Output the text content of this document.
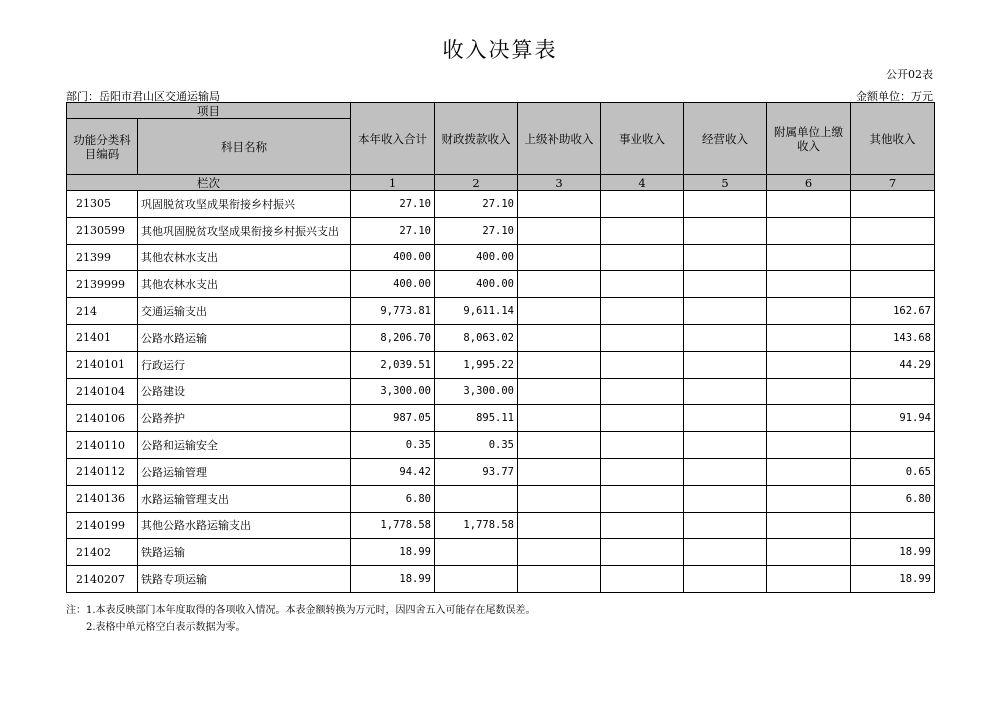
收入决算表
公开02表
部门：岳阳市君山区交通运输局	金额单位：万元
项目		本年收入合计	财政拨款收入	上级补助收入	事业收入	经营收入	附属单位上缴收入	其他收入
功能分类科目编码	科目名称							
栏次		1	2	3	4	5	6	7
21305	巩固脱贫攻坚成果衔接乡村振兴	27.10	27.10					
2130599	其他巩固脱贫攻坚成果衔接乡村振兴支出	27.10	27.10					
21399	其他农林水支出	400.00	400.00					
2139999	其他农林水支出	400.00	400.00					
214	交通运输支出	9,773.81	9,611.14					162.67
21401	公路水路运输	8,206.70	8,063.02					143.68
2140101	行政运行	2,039.51	1,995.22					44.29
2140104	公路建设	3,300.00	3,300.00					
2140106	公路养护	987.05	895.11					91.94
2140110	公路和运输安全	0.35	0.35					
2140112	公路运输管理	94.42	93.77					0.65
2140136	水路运输管理支出	6.80						6.80
2140199	其他公路水路运输支出	1,778.58	1,778.58					
21402	铁路运输	18.99						18.99
2140207	铁路专项运输	18.99						18.99
注：1.本表反映部门本年度取得的各项收入情况。本表金额转换为万元时，因四舍五入可能存在尾数误差。
2.表格中单元格空白表示数据为零。
